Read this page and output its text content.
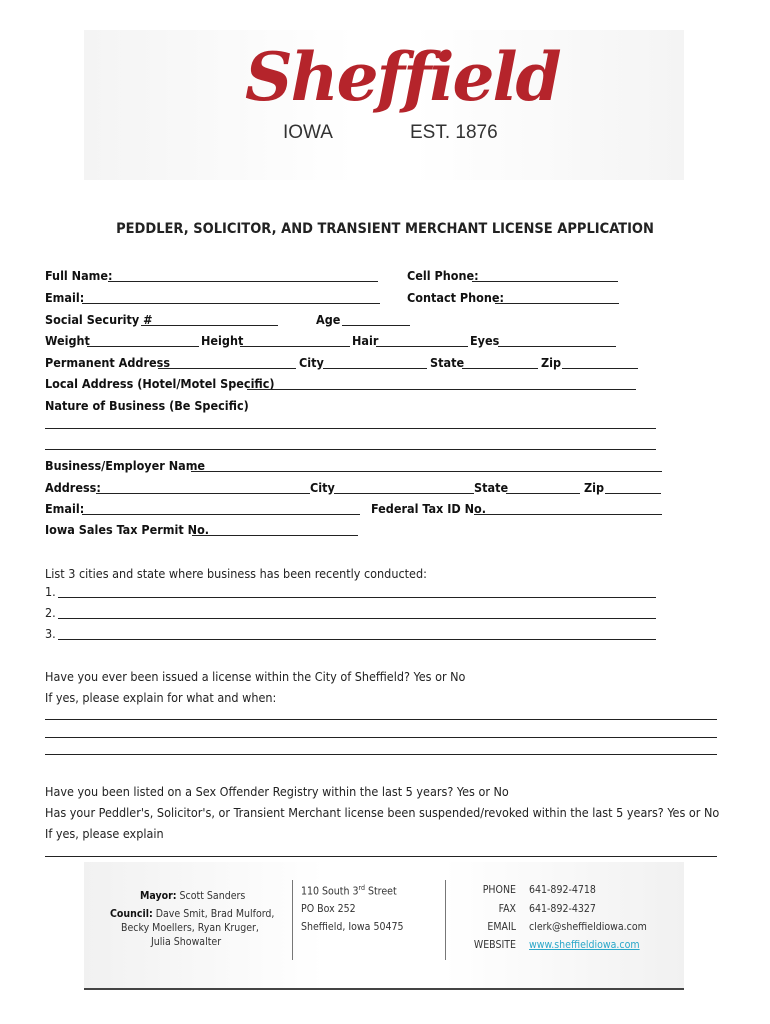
Sheffield
IOWA	EST. 1876
PEDDLER, SOLICITOR, AND TRANSIENT MERCHANT LICENSE APPLICATION
Full Name:	Cell Phone:
Email:	Contact Phone:
Social Security #	Age
Weight	Height	Hair	Eyes
Permanent Address	City	State	Zip
Local Address (Hotel/Motel Specific)
Nature of Business (Be Specific)
Business/Employer Name
Address:	City	State	Zip
Email:	Federal Tax ID No.
Iowa Sales Tax Permit No.
List 3 cities and state where business has been recently conducted:
1.
2.
3.
Have you ever been issued a license within the City of Sheffield? Yes or No
If yes, please explain for what and when:
Have you been listed on a Sex Offender Registry within the last 5 years? Yes or No
Has your Peddler's, Solicitor's, or Transient Merchant license been suspended/revoked within the last 5 years? Yes or No
If yes, please explain
Mayor: Scott Sanders
Council: Dave Smit, Brad Mulford,
Becky Moellers, Ryan Kruger,
Julia Showalter
110 South 3rd Street
PO Box 252
Sheffield, Iowa 50475
PHONE 641-892-4718
FAX 641-892-4327
EMAIL clerk@sheffieldiowa.com
WEBSITE www.sheffieldiowa.com
